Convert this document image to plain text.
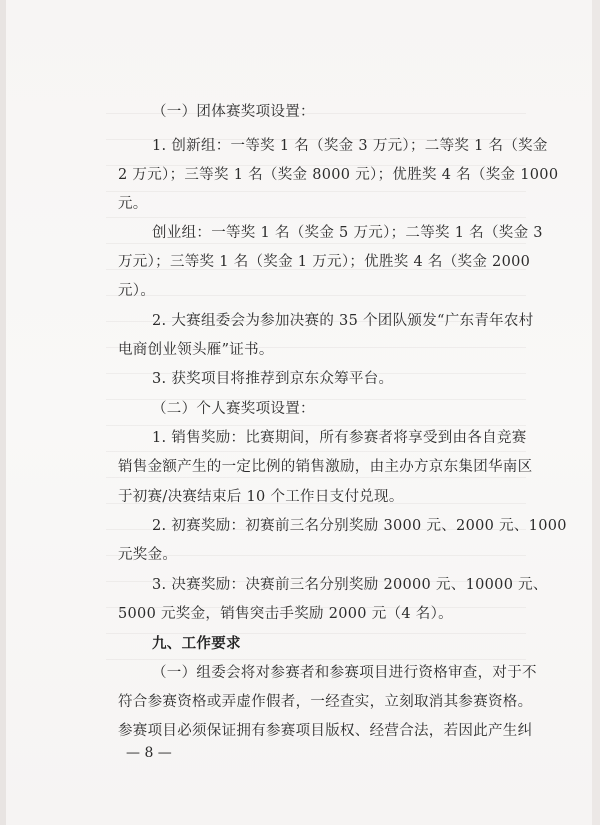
（一）团体赛奖项设置：
1. 创新组：一等奖 1 名（奖金 3 万元）；二等奖 1 名（奖金
2 万元）；三等奖 1 名（奖金 8000 元）；优胜奖 4 名（奖金 1000
元。
创业组：一等奖 1 名（奖金 5 万元）；二等奖 1 名（奖金 3
万元）；三等奖 1 名（奖金 1 万元）；优胜奖 4 名（奖金 2000
元）。
2. 大赛组委会为参加决赛的 35 个团队颁发“广东青年农村
电商创业领头雁”证书。
3. 获奖项目将推荐到京东众筹平台。
（二）个人赛奖项设置：
1. 销售奖励：比赛期间，所有参赛者将享受到由各自竞赛
销售金额产生的一定比例的销售激励，由主办方京东集团华南区
于初赛/决赛结束后 10 个工作日支付兑现。
2. 初赛奖励：初赛前三名分别奖励 3000 元、2000 元、1000
元奖金。
3. 决赛奖励：决赛前三名分别奖励 20000 元、10000 元、
5000 元奖金，销售突击手奖励 2000 元（4 名）。
九、工作要求
（一）组委会将对参赛者和参赛项目进行资格审查，对于不
符合参赛资格或弄虚作假者，一经查实，立刻取消其参赛资格。
参赛项目必须保证拥有参赛项目版权、经营合法，若因此产生纠
— 8 —
